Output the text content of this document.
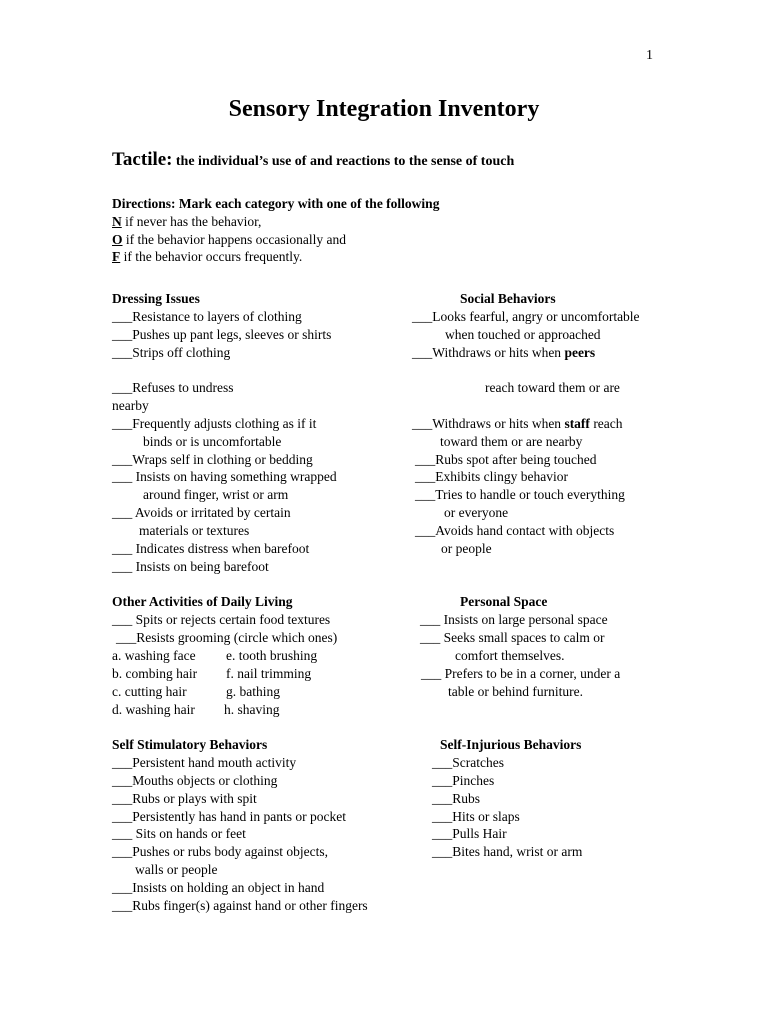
1
Sensory Integration Inventory
Tactile: the individual’s use of and reactions to the sense of touch
Directions: Mark each category with one of the following
N if never has the behavior,
O if the behavior happens occasionally and
F if the behavior occurs frequently.
Dressing Issues
___Resistance to layers of clothing
___Pushes up pant legs, sleeves or shirts
___Strips off clothing
___Refuses to undress
nearby
___Frequently adjusts clothing as if it
binds or is uncomfortable
___Wraps self in clothing or bedding
___ Insists on having something wrapped
around finger, wrist or arm
___ Avoids or irritated by certain
materials or textures
___ Indicates distress when barefoot
___ Insists on being barefoot
Social Behaviors
___Looks fearful, angry or uncomfortable
when touched or approached
___Withdraws or hits when peers
reach toward them or are
___Withdraws or hits when staff reach
toward them or are nearby
___Rubs spot after being touched
___Exhibits clingy behavior
___Tries to handle or touch everything
or everyone
___Avoids hand contact with objects
or people
Other Activities of Daily Living
___ Spits or rejects certain food textures
___Resists grooming (circle which ones)
a. washing face e. tooth brushing
b. combing hair f. nail trimming
c. cutting hair	g. bathing
d. washing hair h. shaving
Personal Space
___ Insists on large personal space
___ Seeks small spaces to calm or
comfort themselves.
___ Prefers to be in a corner, under a
table or behind furniture.
Self Stimulatory Behaviors
___Persistent hand mouth activity
___Mouths objects or clothing
___Rubs or plays with spit
___Persistently has hand in pants or pocket
___ Sits on hands or feet
___Pushes or rubs body against objects,
walls or people
___Insists on holding an object in hand
___Rubs finger(s) against hand or other fingers
Self-Injurious Behaviors
___Scratches
___Pinches
___Rubs
___Hits or slaps
___Pulls Hair
___Bites hand, wrist or arm
